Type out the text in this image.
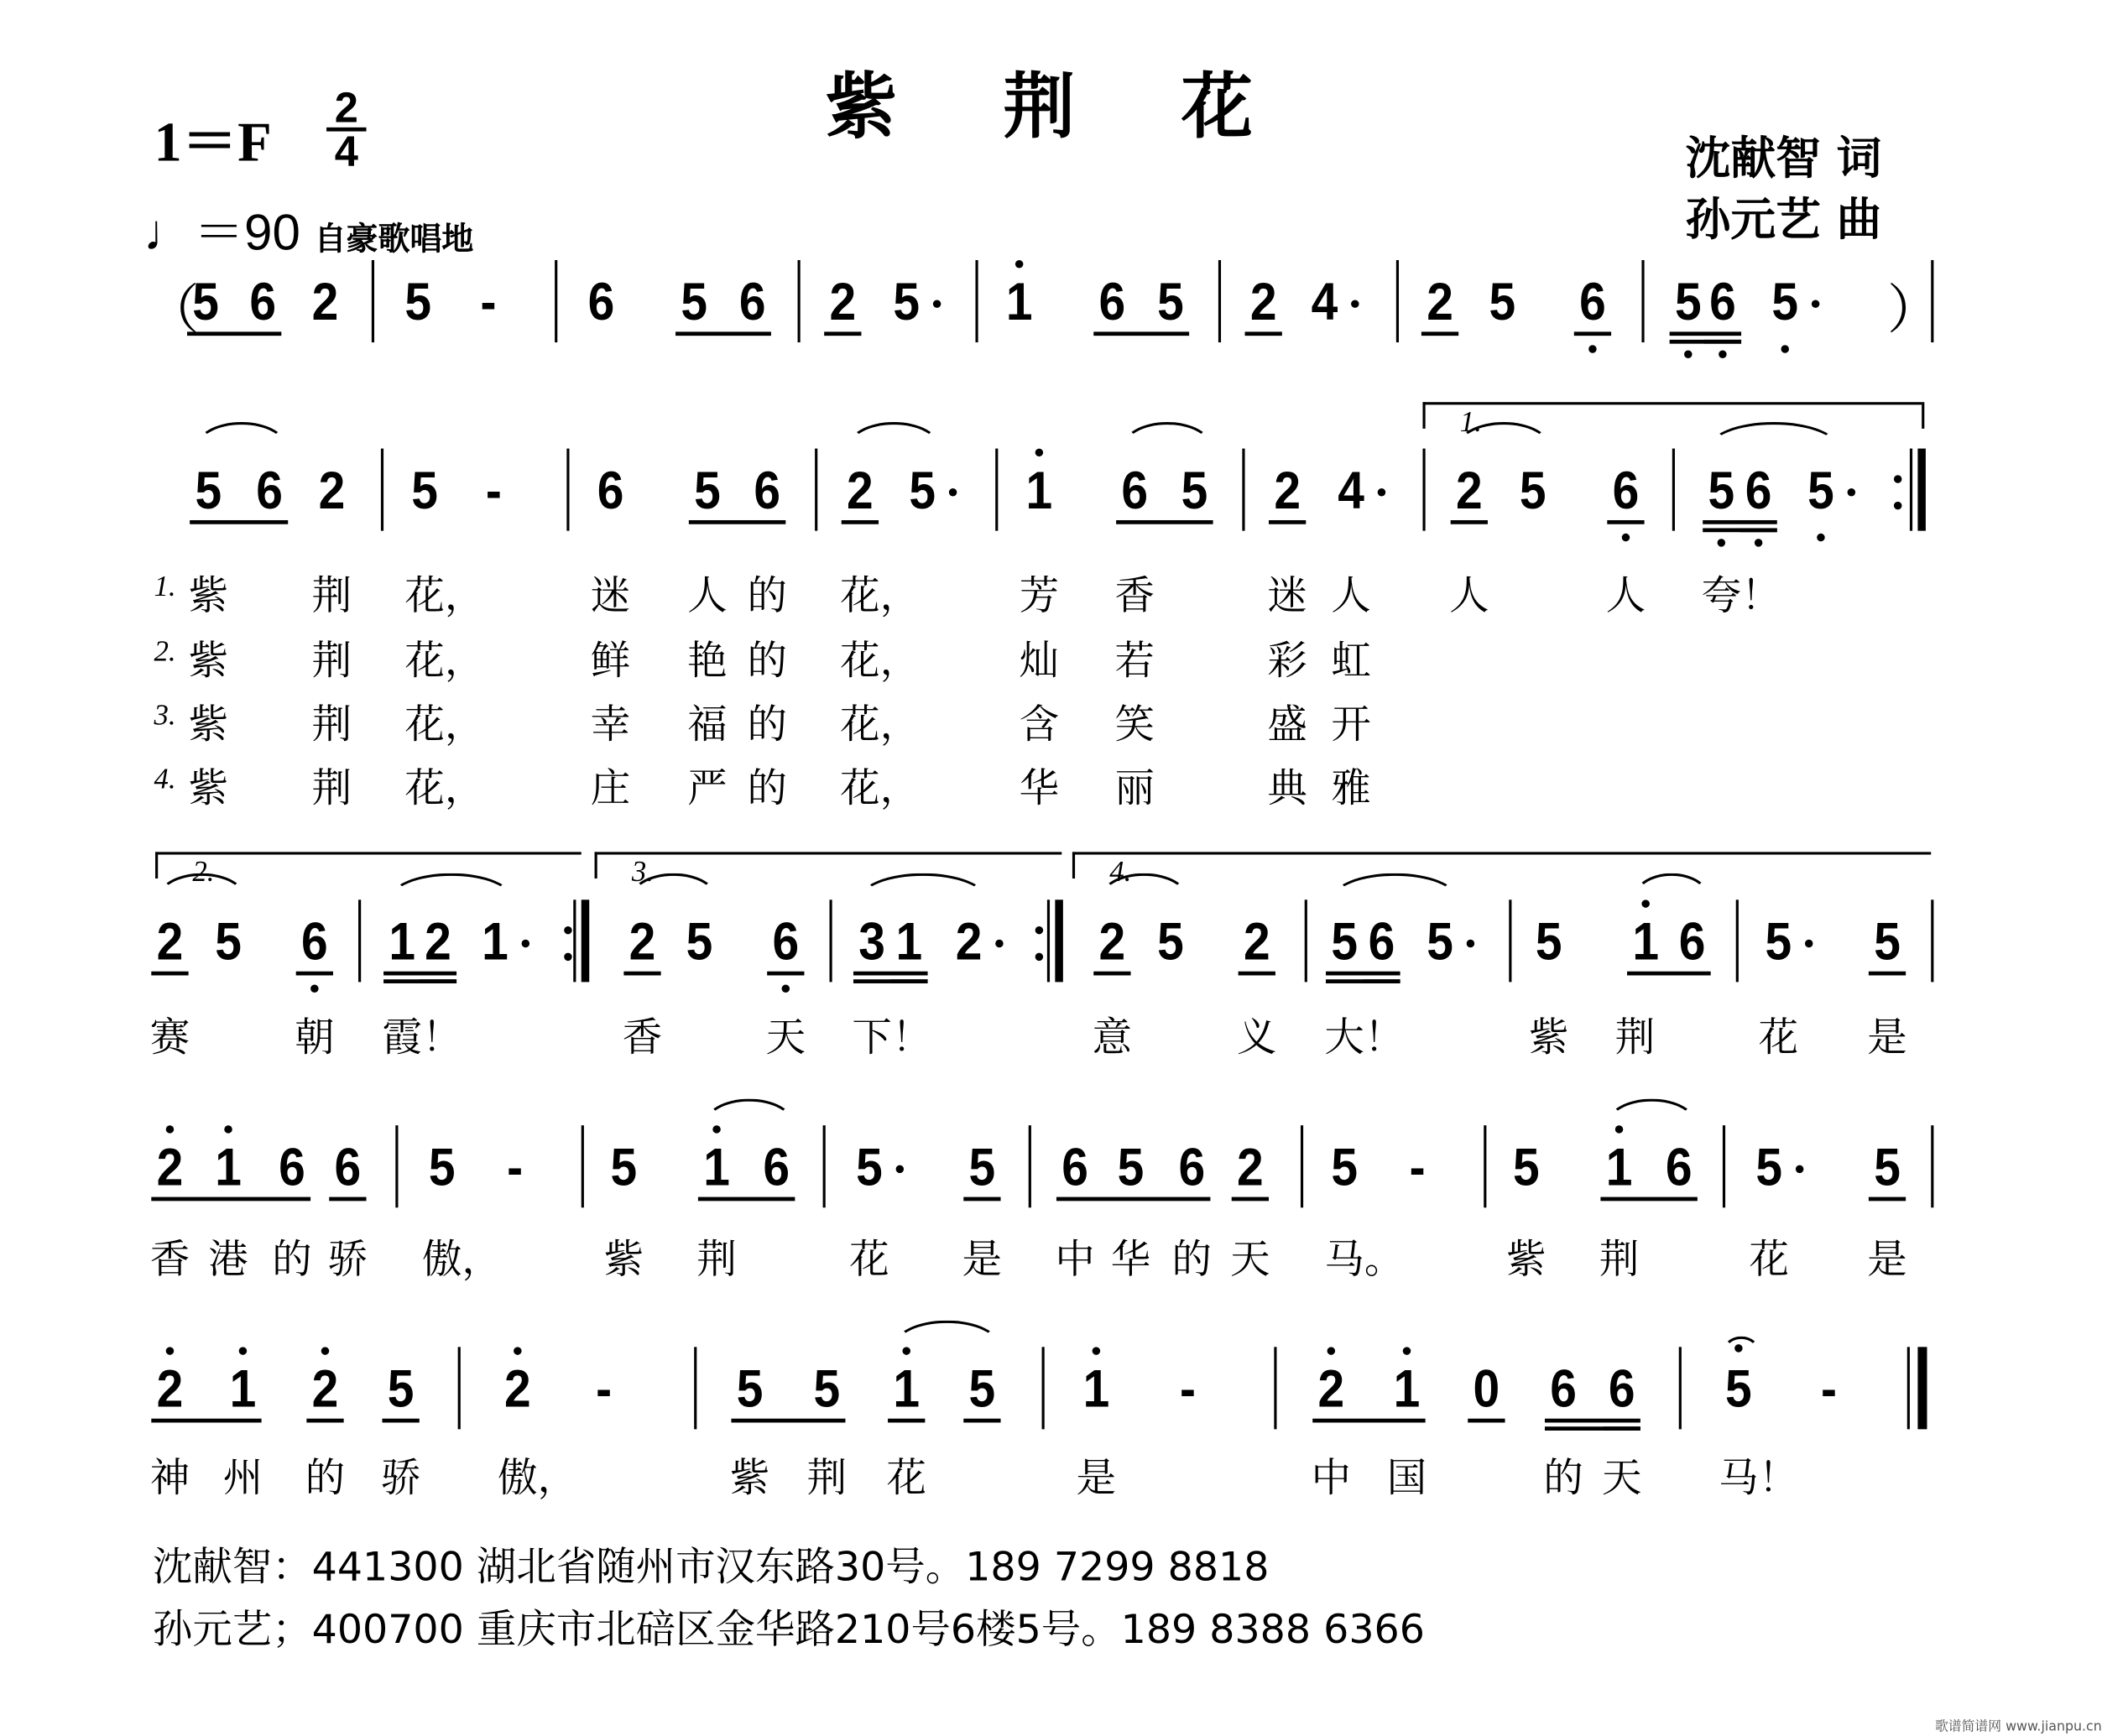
紫荆花
1＝F
2
4
♩＝90 自豪歌唱地
沈献智 词
孙元艺 曲
5 6 2 5 -	6 5 6 2 5	1 6 5 2 4	2 5 6 5 6 5
（	）
5 6 2 5 -	6 5 6 2 5	1 6 5 2 4	2 5 6 5 6 5
2 5 6 1 2 1	2 5 6 3 1 2	2 5 2 5 6 5 5 1 6 5 5
2 1 6 6 5 -	5 1 6 5	5 6 5 6 2 5 -	5 1 6 5	5
2 1 2 5	2 -	5 5 1 5	1 -	2 1 0 6 6	5 -
1.
2.	3.	4.
紫	荆 花，	迷 人 的 花，	芳 香	迷 人	人	人 夸！
紫	荆 花，	鲜 艳 的 花，	灿 若	彩 虹
紫	荆 花，	幸 福 的 花，	含 笑	盛 开
紫	荆 花，	庄 严 的 花，	华 丽	典 雅
赛	朝 霞！	香	天 下！	意	义 大！	紫 荆	花	是
香 港 的 骄 傲，	紫 荆	花	是 中 华 的 天 马。	紫 荆	花	是
神 州 的 骄	傲，	紫 荆 花	是	中 国	的 天	马！
1.
2.
3.
4.
沈献智：441300 湖北省随州市汉东路30号。189 7299 8818
孙元艺；400700 重庆市北碚区金华路210号6楼5号。189 8388 6366
歌谱简谱网 www.jianpu.cn
